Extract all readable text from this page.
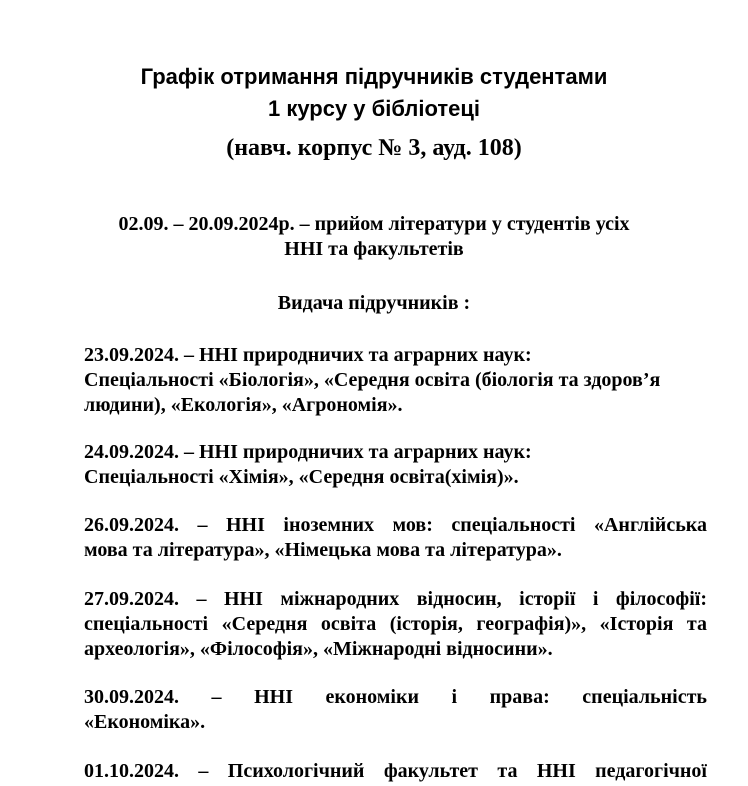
Графік отримання підручників студентами
1 курсу у бібліотеці
(навч. корпус № 3, ауд. 108)
02.09. – 20.09.2024р. – прийом літератури у студентів усіх
ННІ та факультетів
Видача підручників :
23.09.2024. – ННІ природничих та аграрних наук:
Спеціальності «Біологія», «Середня освіта (біологія та здоров’я
людини), «Екологія», «Агрономія».
24.09.2024. – ННІ природничих та аграрних наук:
Спеціальності «Хімія», «Середня освіта(хімія)».
26.09.2024. – ННІ іноземних мов: спеціальності «Англійська
мова та література», «Німецька мова та література».
27.09.2024. – ННІ міжнародних відносин, історії і філософії:
спеціальності «Середня освіта (історія, географія)», «Історія та
археологія», «Філософія», «Міжнародні відносини».
30.09.2024. – ННІ економіки і права: спеціальність
«Економіка».
01.10.2024. – Психологічний факультет та ННІ педагогічної
